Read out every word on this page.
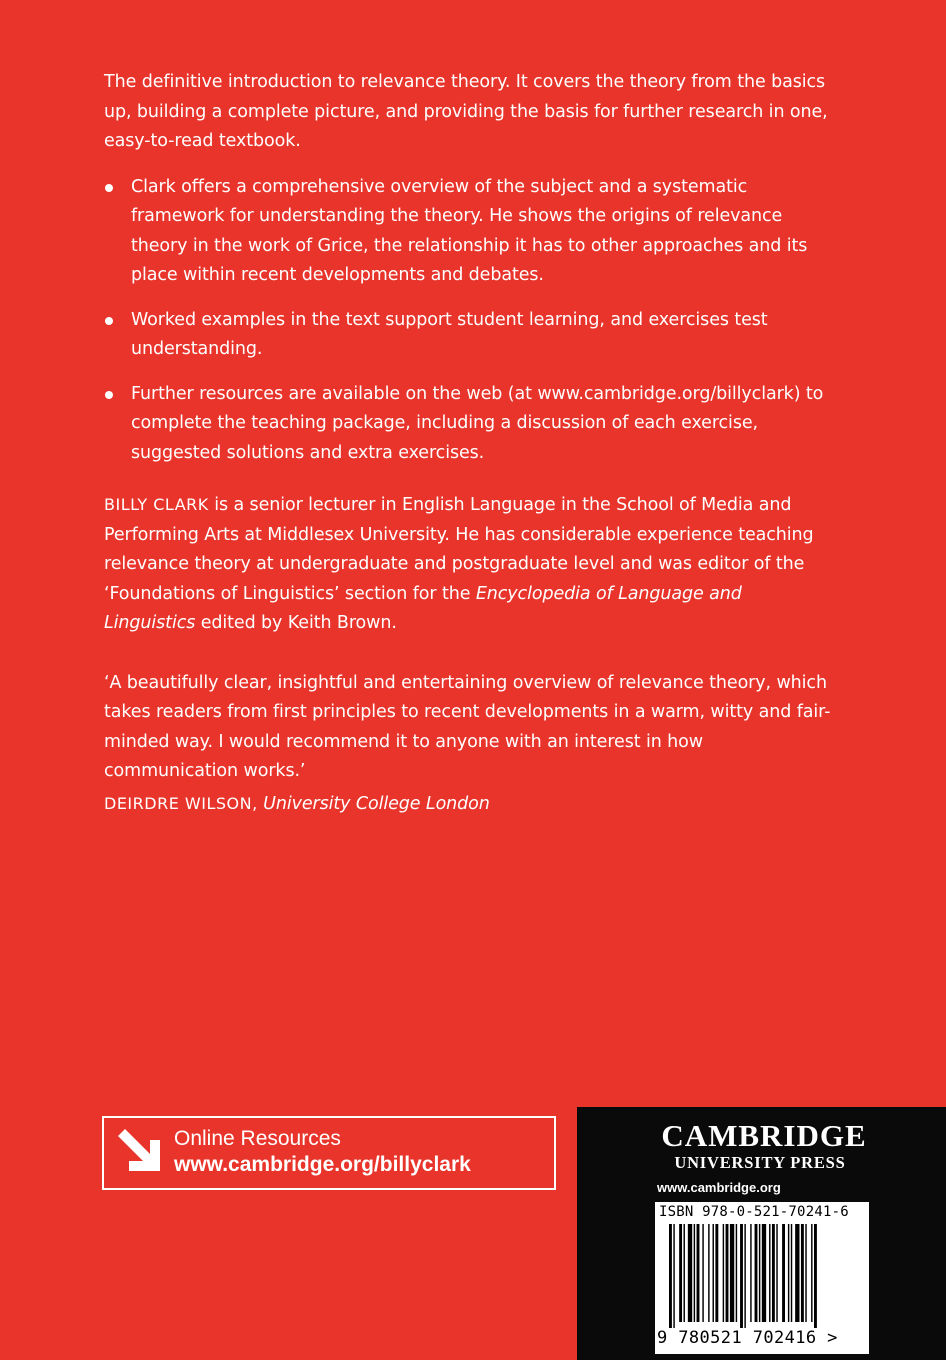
The definitive introduction to relevance theory. It covers the theory from the basics up, building a complete picture, and providing the basis for further research in one, easy-to-read textbook.

Clark offers a comprehensive overview of the subject and a systematic framework for understanding the theory. He shows the origins of relevance theory in the work of Grice, the relationship it has to other approaches and its place within recent developments and debates.
Worked examples in the text support student learning, and exercises test understanding.
Further resources are available on the web (at www.cambridge.org/billyclark) to complete the teaching package, including a discussion of each exercise, suggested solutions and extra exercises.

BILLY CLARK is a senior lecturer in English Language in the School of Media and Performing Arts at Middlesex University. He has considerable experience teaching relevance theory at undergraduate and postgraduate level and was editor of the ‘Foundations of Linguistics’ section for the Encyclopedia of Language and Linguistics edited by Keith Brown.

‘A beautifully clear, insightful and entertaining overview of relevance theory, which takes readers from first principles to recent developments in a warm, witty and fair-minded way. I would recommend it to anyone with an interest in how communication works.’

DEIRDRE WILSON, University College London

Online Resources
www.cambridge.org/billyclark
CAMBRIDGE
UNIVERSITY PRESS
www.cambridge.org
ISBN 978-0-521-70241-6
9 780521 702416 >
